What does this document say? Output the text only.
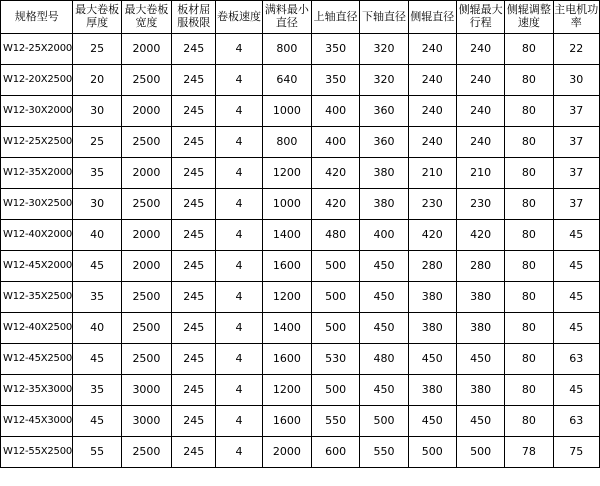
规格型号	最大卷板厚度	最大卷板宽度	板材屈服极限	卷板速度	满料最小直径	上轴直径	下轴直径	侧辊直径	侧辊最大行程	侧辊调整速度	主电机功率
W12-25X2000	25	2000	245	4	800	350	320	240	240	80	22
W12-20X2500	20	2500	245	4	640	350	320	240	240	80	30
W12-30X2000	30	2000	245	4	1000	400	360	240	240	80	37
W12-25X2500	25	2500	245	4	800	400	360	240	240	80	37
W12-35X2000	35	2000	245	4	1200	420	380	210	210	80	37
W12-30X2500	30	2500	245	4	1000	420	380	230	230	80	37
W12-40X2000	40	2000	245	4	1400	480	400	420	420	80	45
W12-45X2000	45	2000	245	4	1600	500	450	280	280	80	45
W12-35X2500	35	2500	245	4	1200	500	450	380	380	80	45
W12-40X2500	40	2500	245	4	1400	500	450	380	380	80	45
W12-45X2500	45	2500	245	4	1600	530	480	450	450	80	63
W12-35X3000	35	3000	245	4	1200	500	450	380	380	80	45
W12-45X3000	45	3000	245	4	1600	550	500	450	450	80	63
W12-55X2500	55	2500	245	4	2000	600	550	500	500	78	75
